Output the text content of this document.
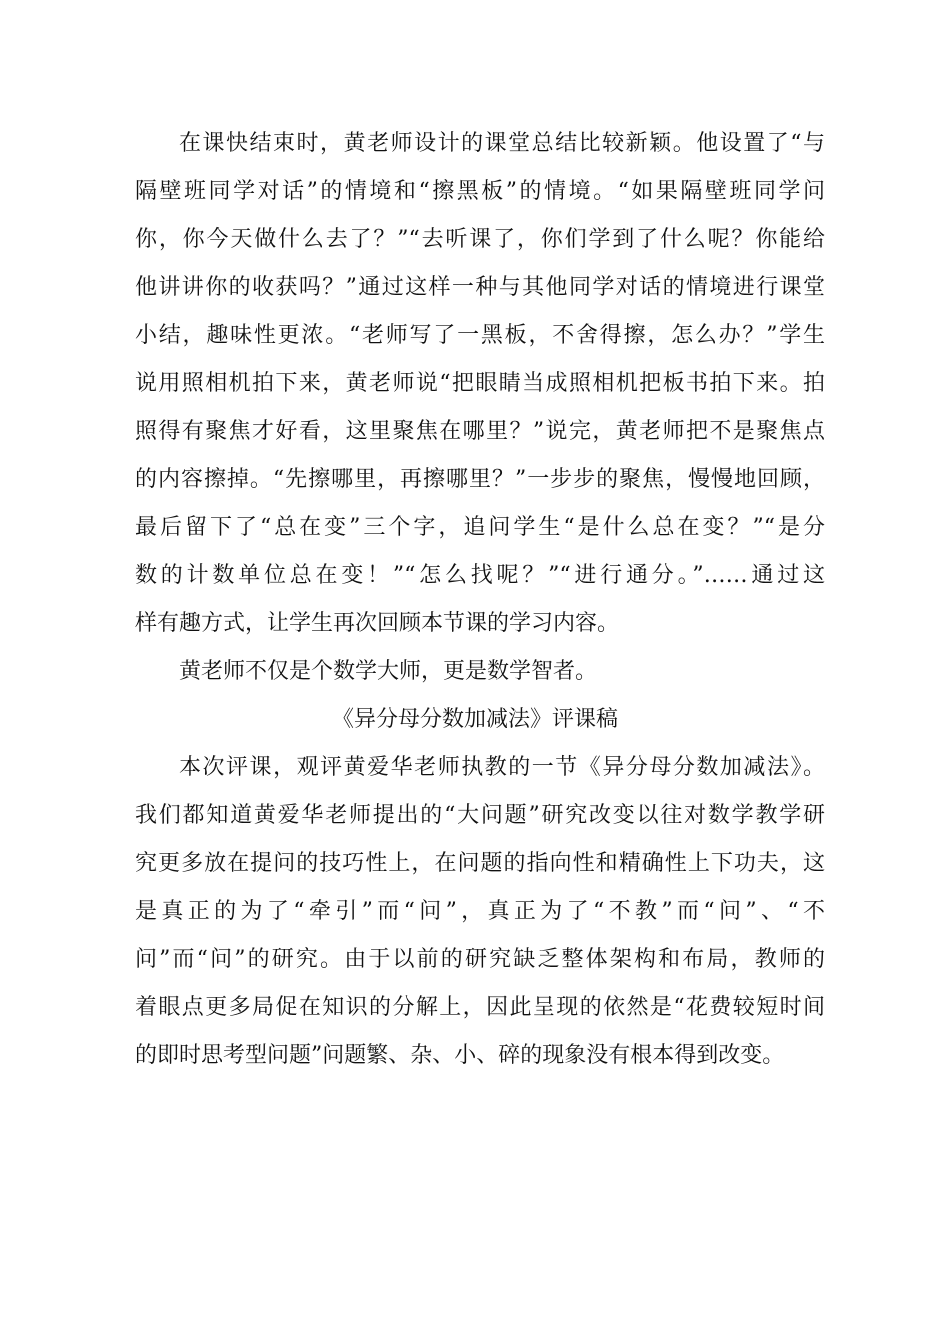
在课快结束时，黄老师设计的课堂总结比较新颖。他设置了“与
隔壁班同学对话”的情境和“擦黑板”的情境。“如果隔壁班同学问
你，你今天做什么去了？”“去听课了，你们学到了什么呢？你能给
他讲讲你的收获吗？”通过这样一种与其他同学对话的情境进行课堂
小结，趣味性更浓。“老师写了一黑板，不舍得擦，怎么办？”学生
说用照相机拍下来，黄老师说“把眼睛当成照相机把板书拍下来。拍
照得有聚焦才好看，这里聚焦在哪里？”说完，黄老师把不是聚焦点
的内容擦掉。“先擦哪里，再擦哪里？”一步步的聚焦，慢慢地回顾，
最后留下了“总在变”三个字，追问学生“是什么总在变？”“是分
数的计数单位总在变！”“怎么找呢？”“进行通分。”……通过这
样有趣方式，让学生再次回顾本节课的学习内容。
黄老师不仅是个数学大师，更是数学智者。
《异分母分数加减法》评课稿
本次评课，观评黄爱华老师执教的一节《异分母分数加减法》。
我们都知道黄爱华老师提出的“大问题”研究改变以往对数学教学研
究更多放在提问的技巧性上，在问题的指向性和精确性上下功夫，这
是真正的为了“牵引”而“问”，真正为了“不教”而“问”、“不
问”而“问”的研究。由于以前的研究缺乏整体架构和布局，教师的
着眼点更多局促在知识的分解上，因此呈现的依然是“花费较短时间
的即时思考型问题”问题繁、杂、小、碎的现象没有根本得到改变。
